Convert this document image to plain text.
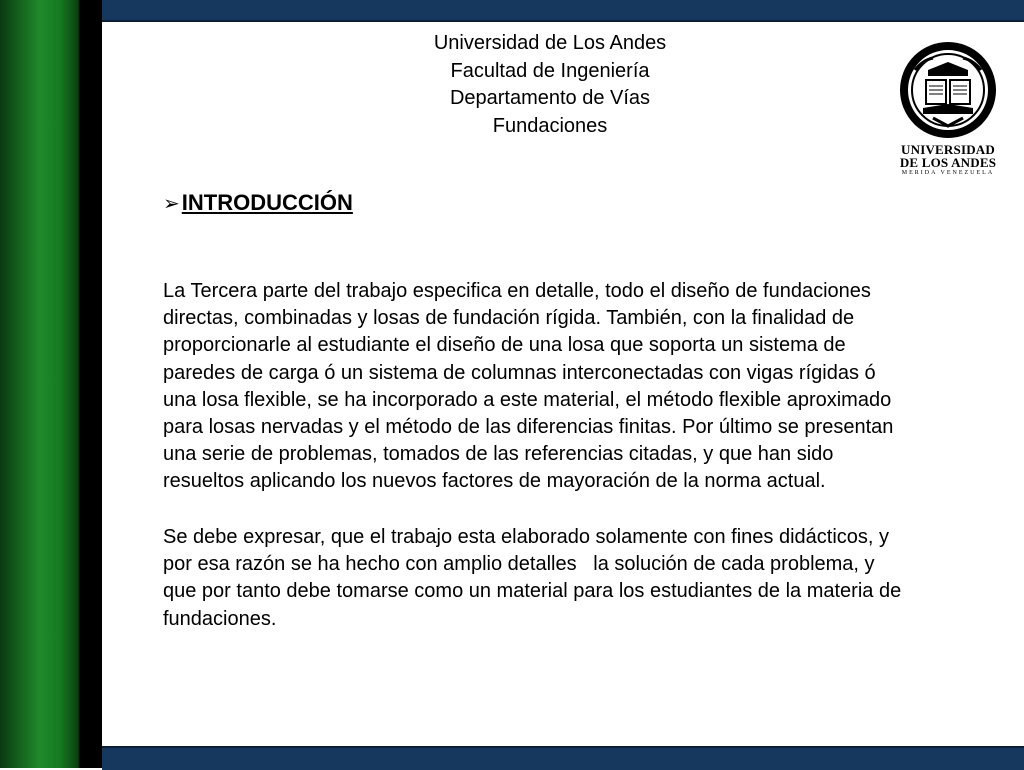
Universidad de Los Andes
Facultad de Ingeniería
Departamento de Vías
Fundaciones
UNIVERSIDAD
DE LOS ANDES
MERIDA VENEZUELA
➢INTRODUCCIÓN
La Tercera parte del trabajo especifica en detalle, todo el diseño de fundaciones
directas, combinadas y losas de fundación rígida. También, con la finalidad de
proporcionarle al estudiante el diseño de una losa que soporta un sistema de
paredes de carga ó un sistema de columnas interconectadas con vigas rígidas ó
una losa flexible, se ha incorporado a este material, el método flexible aproximado
para losas nervadas y el método de las diferencias finitas. Por último se presentan
una serie de problemas, tomados de las referencias citadas, y que han sido
resueltos aplicando los nuevos factores de mayoración de la norma actual.
Se debe expresar, que el trabajo esta elaborado solamente con fines didácticos, y
por esa razón se ha hecho con amplio detalles   la solución de cada problema, y
que por tanto debe tomarse como un material para los estudiantes de la materia de
fundaciones.
